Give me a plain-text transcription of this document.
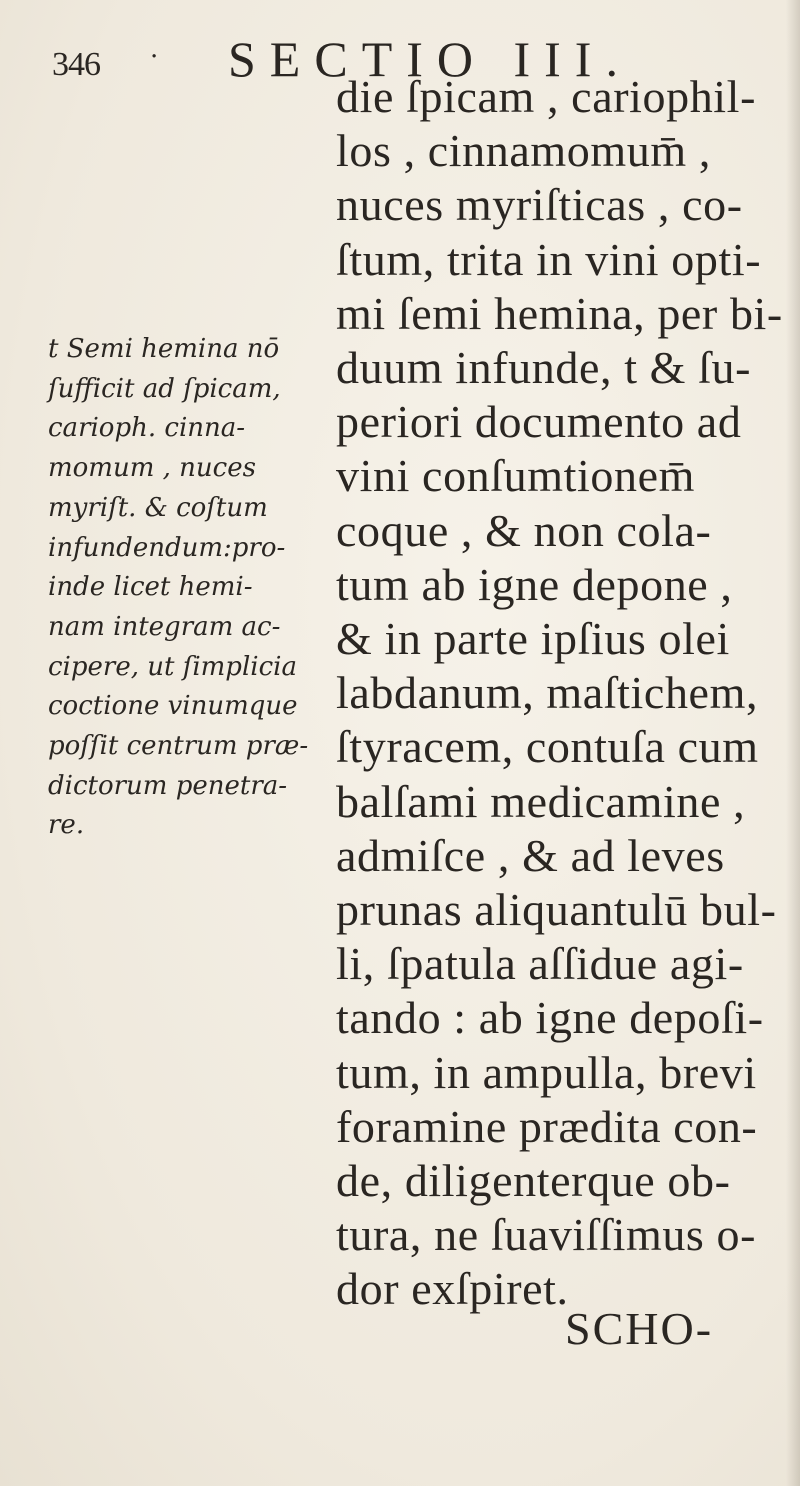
346 · SECTIO III.
t Semi hemina nō
ſufficit ad ſpicam,
carioph. cinna-
momum , nuces
myriſt. & coſtum
infundendum:pro-
inde licet hemi-
nam integram ac-
cipere, ut ſimplicia
coctione vinumque
poſſit centrum præ-
dictorum penetra-
re.
die ſpicam , cariophil-
los , cinnamomum̄ ,
nuces myriſticas , co-
ſtum, trita in vini opti-
mi ſemi hemina, per bi-
duum infunde, t & ſu-
periori documento ad
vini conſumtionem̄
coque , & non cola-
tum ab igne depone ,
& in parte ipſius olei
labdanum, maſtichem,
ſtyracem, contuſa cum
balſami medicamine ,
admiſce , & ad leves
prunas aliquantulū bul-
li, ſpatula aſſidue agi-
tando : ab igne depoſi-
tum, in ampulla, brevi
foramine prædita con-
de, diligenterque ob-
tura, ne ſuaviſſimus o-
dor exſpiret.
SCHO-
